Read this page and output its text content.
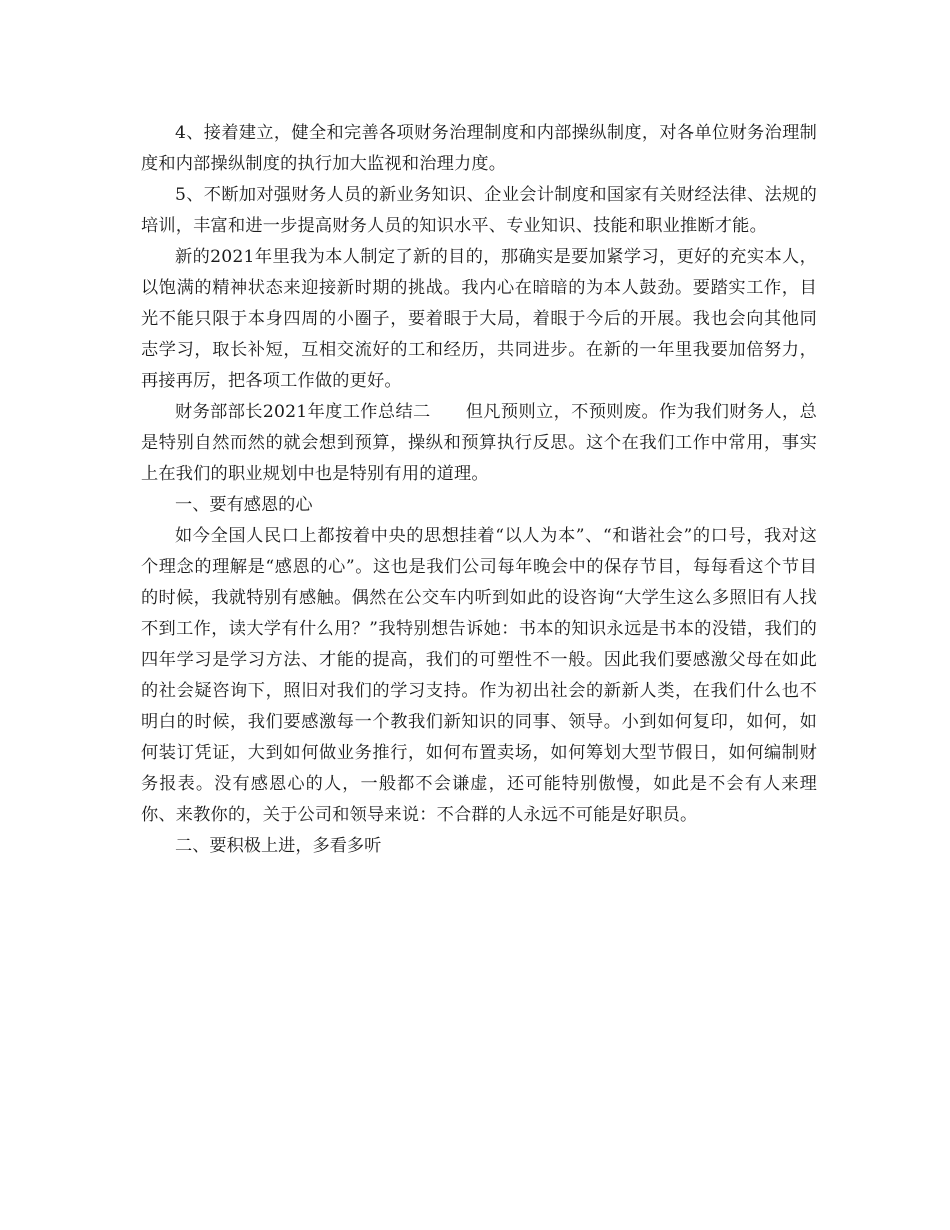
4、接着建立，健全和完善各项财务治理制度和内部操纵制度，对各单位财务治理制度和内部操纵制度的执行加大监视和治理力度。

5、不断加对强财务人员的新业务知识、企业会计制度和国家有关财经法律、法规的培训，丰富和进一步提高财务人员的知识水平、专业知识、技能和职业推断才能。

新的2021年里我为本人制定了新的目的，那确实是要加紧学习，更好的充实本人，以饱满的精神状态来迎接新时期的挑战。我内心在暗暗的为本人鼓劲。要踏实工作，目光不能只限于本身四周的小圈子，要着眼于大局，着眼于今后的开展。我也会向其他同志学习，取长补短，互相交流好的工和经历，共同进步。在新的一年里我要加倍努力，再接再厉，把各项工作做的更好。

财务部部长2021年度工作总结二　　但凡预则立，不预则废。作为我们财务人，总是特别自然而然的就会想到预算，操纵和预算执行反思。这个在我们工作中常用，事实上在我们的职业规划中也是特别有用的道理。

一、要有感恩的心

如今全国人民口上都按着中央的思想挂着“以人为本”、“和谐社会”的口号，我对这个理念的理解是“感恩的心”。这也是我们公司每年晚会中的保存节目，每每看这个节目的时候，我就特别有感触。偶然在公交车内听到如此的设咨询“大学生这么多照旧有人找不到工作，读大学有什么用？”我特别想告诉她：书本的知识永远是书本的没错，我们的四年学习是学习方法、才能的提高，我们的可塑性不一般。因此我们要感激父母在如此的社会疑咨询下，照旧对我们的学习支持。作为初出社会的新新人类，在我们什么也不明白的时候，我们要感激每一个教我们新知识的同事、领导。小到如何复印，如何，如何装订凭证，大到如何做业务推行，如何布置卖场，如何筹划大型节假日，如何编制财务报表。没有感恩心的人，一般都不会谦虚，还可能特别傲慢，如此是不会有人来理你、来教你的，关于公司和领导来说：不合群的人永远不可能是好职员。

二、要积极上进，多看多听
